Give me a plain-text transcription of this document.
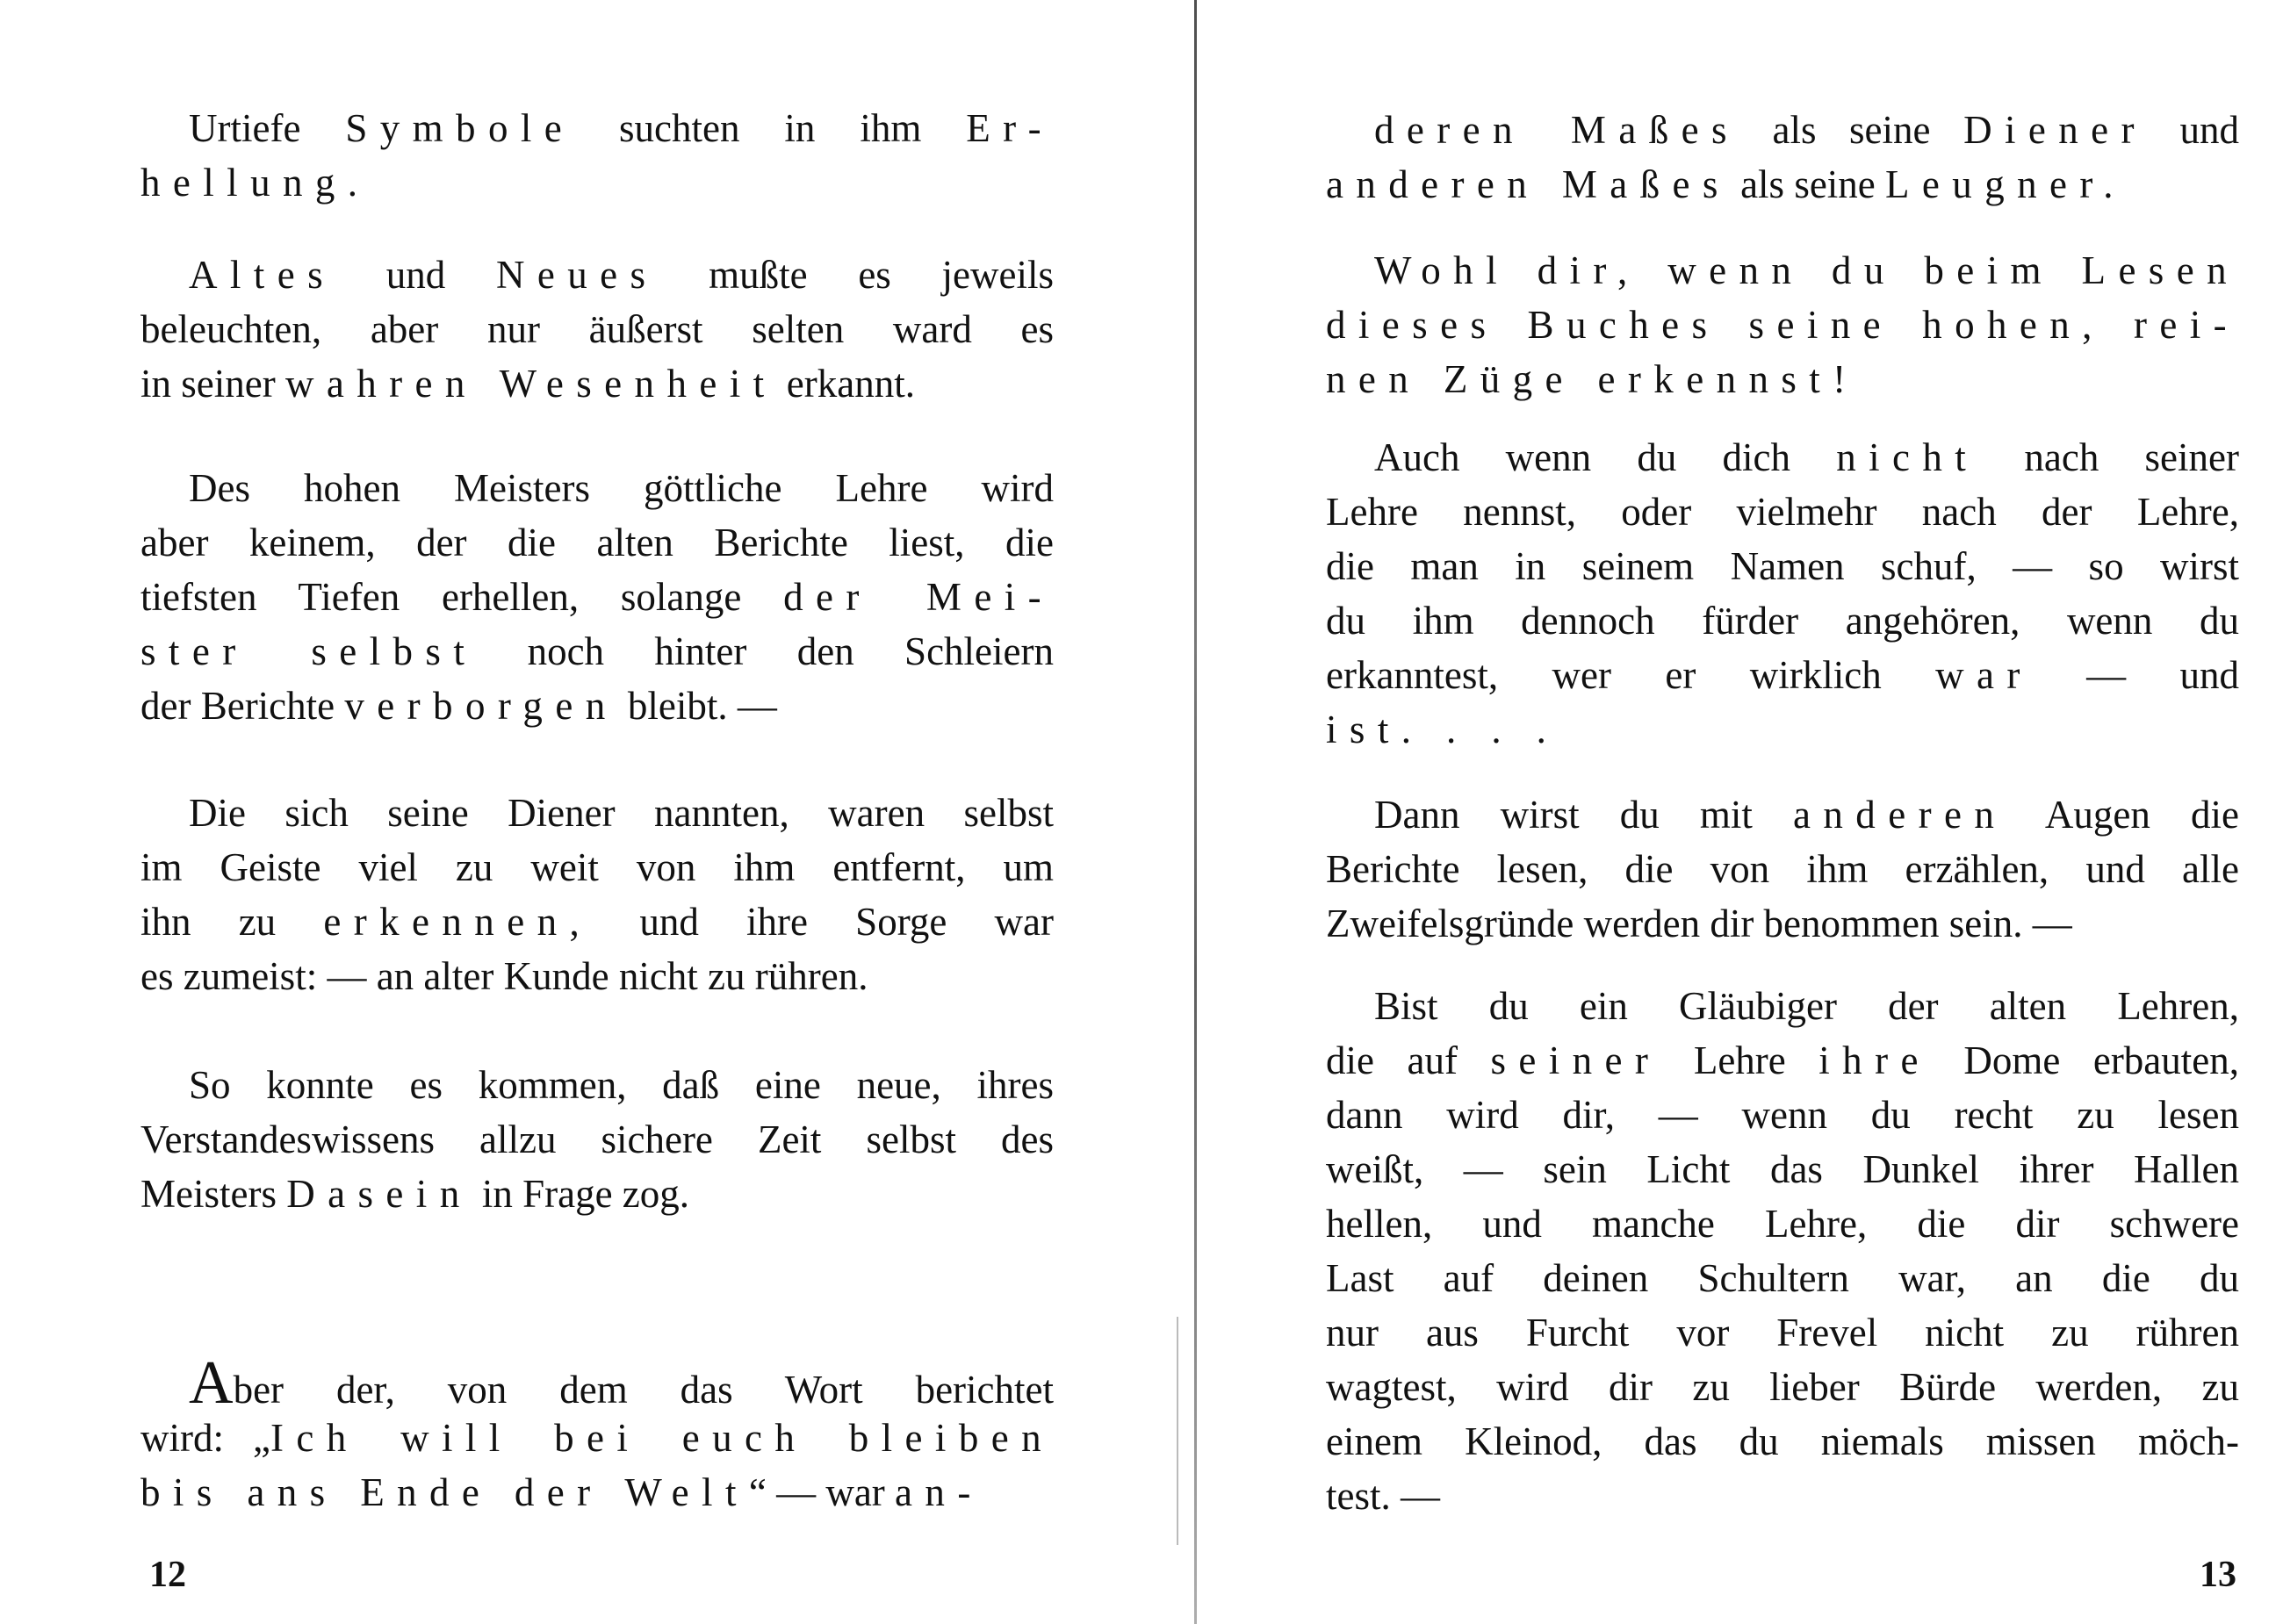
Urtiefe Symbole suchten in ihm Er-
hellung.
Altes und Neues mußte es jeweils
beleuchten, aber nur äußerst selten ward es
in seiner wahren Wesenheit erkannt.
Des hohen Meisters göttliche Lehre wird
aber keinem, der die alten Berichte liest, die
tiefsten Tiefen erhellen, solange der Mei-
ster selbst noch hinter den Schleiern
der Berichte verborgen bleibt. —
Die sich seine Diener nannten, waren selbst
im Geiste viel zu weit von ihm entfernt, um
ihn zu erkennen, und ihre Sorge war
es zumeist: — an alter Kunde nicht zu rühren.
So konnte es kommen, daß eine neue, ihres
Verstandeswissens allzu sichere Zeit selbst des
Meisters Dasein in Frage zog.
Aber der, von dem das Wort berichtet
wird: „Ich will bei euch bleiben
bis ans Ende der Welt“ — war an-
12
deren Maßes als seine Diener und
anderen Maßes als seine Leugner.
Wohl dir, wenn du beim Lesen
dieses Buches seine hohen, rei-
nen Züge erkennst!
Auch wenn du dich nicht nach seiner
Lehre nennst, oder vielmehr nach der Lehre,
die man in seinem Namen schuf, — so wirst
du ihm dennoch fürder angehören, wenn du
erkanntest, wer er wirklich war — und
ist. . . .
Dann wirst du mit anderen Augen die
Berichte lesen, die von ihm erzählen, und alle
Zweifelsgründe werden dir benommen sein. —
Bist du ein Gläubiger der alten Lehren,
die auf seiner Lehre ihre Dome erbauten,
dann wird dir, — wenn du recht zu lesen
weißt, — sein Licht das Dunkel ihrer Hallen
hellen, und manche Lehre, die dir schwere
Last auf deinen Schultern war, an die du
nur aus Furcht vor Frevel nicht zu rühren
wagtest, wird dir zu lieber Bürde werden, zu
einem Kleinod, das du niemals missen möch-
test. —
13
